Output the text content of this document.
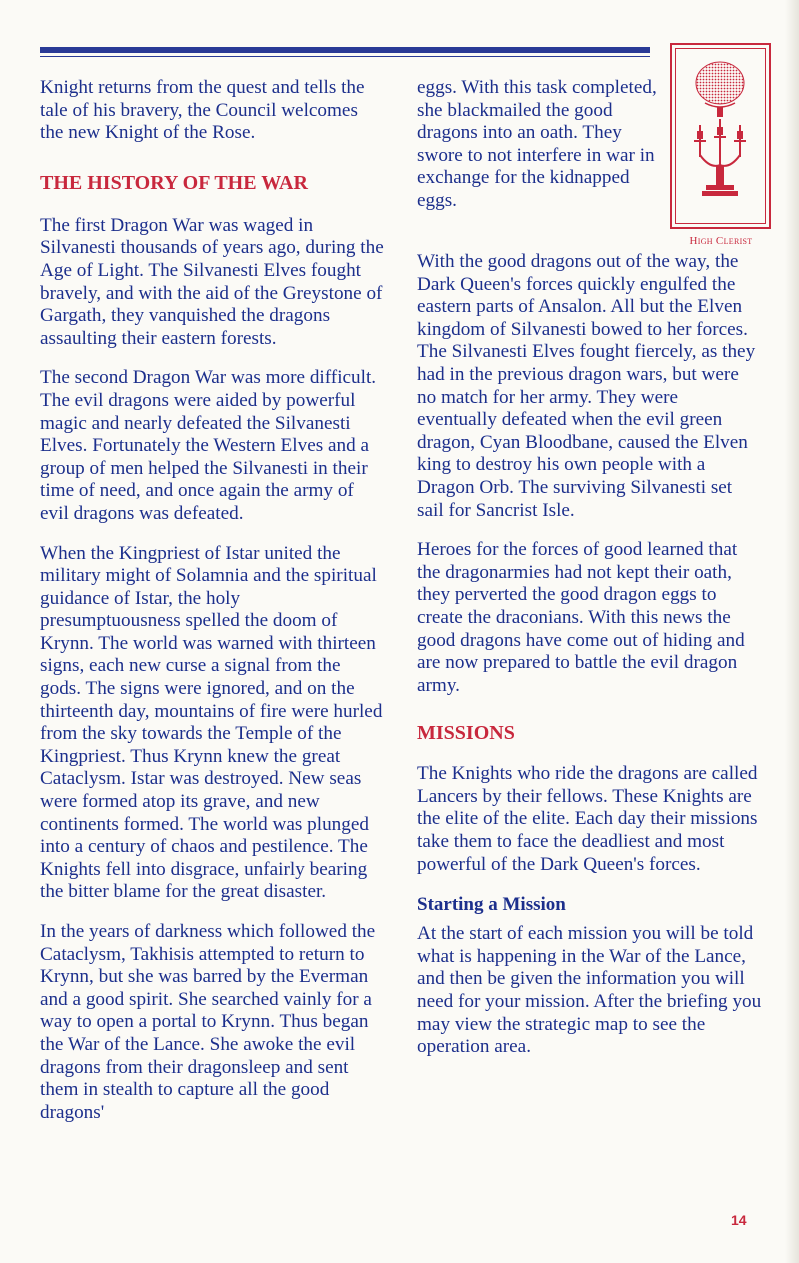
Knight returns from the quest and tells the tale of his bravery, the Council welcomes the new Knight of the Rose.

THE HISTORY OF THE WAR

The first Dragon War was waged in Silvanesti thousands of years ago, during the Age of Light. The Silvanesti Elves fought bravely, and with the aid of the Greystone of Gargath, they vanquished the dragons assaulting their eastern forests.

The second Dragon War was more difficult. The evil dragons were aided by powerful magic and nearly defeated the Silvanesti Elves. Fortunately the Western Elves and a group of men helped the Silvanesti in their time of need, and once again the army of evil dragons was defeated.

When the Kingpriest of Istar united the military might of Solamnia and the spiritual guidance of Istar, the holy presumptuousness spelled the doom of Krynn. The world was warned with thirteen signs, each new curse a signal from the gods. The signs were ignored, and on the thirteenth day, mountains of fire were hurled from the sky towards the Temple of the Kingpriest. Thus Krynn knew the great Cataclysm. Istar was destroyed. New seas were formed atop its grave, and new continents formed. The world was plunged into a century of chaos and pestilence. The Knights fell into disgrace, unfairly bearing the bitter blame for the great disaster.

In the years of darkness which followed the Cataclysm, Takhisis attempted to return to Krynn, but she was barred by the Everman and a good spirit. She searched vainly for a way to open a portal to Krynn. Thus began the War of the Lance. She awoke the evil dragons from their dragonsleep and sent them in stealth to capture all the good dragons'

eggs. With this task completed, she blackmailed the good dragons into an oath. They swore to not interfere in war in exchange for the kidnapped eggs.

With the good dragons out of the way, the Dark Queen's forces quickly engulfed the eastern parts of Ansalon. All but the Elven kingdom of Silvanesti bowed to her forces. The Silvanesti Elves fought fiercely, as they had in the previous dragon wars, but were no match for her army. They were eventually defeated when the evil green dragon, Cyan Bloodbane, caused the Elven king to destroy his own people with a Dragon Orb. The surviving Silvanesti set sail for Sancrist Isle.

Heroes for the forces of good learned that the dragonarmies had not kept their oath, they perverted the good dragon eggs to create the draconians. With this news the good dragons have come out of hiding and are now prepared to battle the evil dragon army.

MISSIONS

The Knights who ride the dragons are called Lancers by their fellows. These Knights are the elite of the elite. Each day their missions take them to face the deadliest and most powerful of the Dark Queen's forces.

Starting a Mission

At the start of each mission you will be told what is happening in the War of the Lance, and then be given the information you will need for your mission. After the briefing you may view the strategic map to see the operation area.

High Clerist
14
